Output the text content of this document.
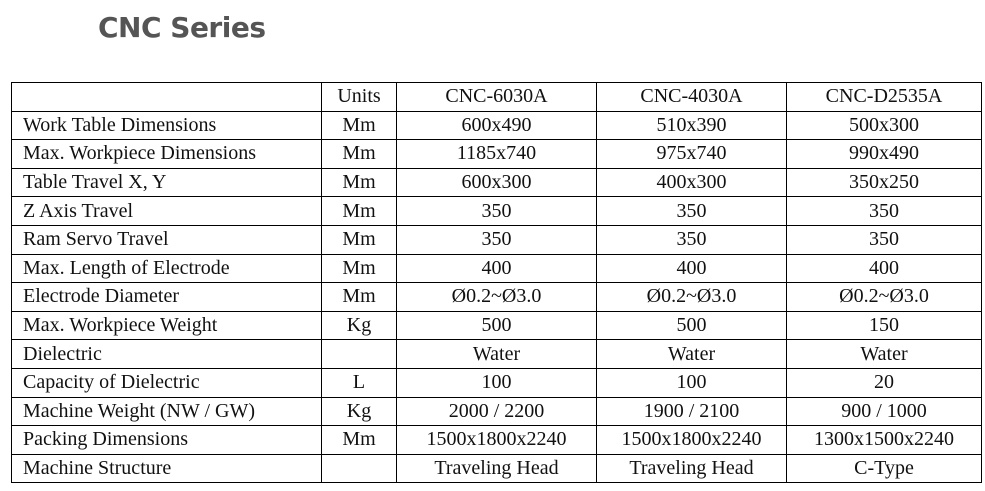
CNC Series
	Units	CNC-6030A	CNC-4030A	CNC-D2535A
Work Table Dimensions	Mm	600x490	510x390	500x300
Max. Workpiece Dimensions	Mm	1185x740	975x740	990x490
Table Travel X, Y	Mm	600x300	400x300	350x250
Z Axis Travel	Mm	350	350	350
Ram Servo Travel	Mm	350	350	350
Max. Length of Electrode	Mm	400	400	400
Electrode Diameter	Mm	Ø0.2~Ø3.0	Ø0.2~Ø3.0	Ø0.2~Ø3.0
Max. Workpiece Weight	Kg	500	500	150
Dielectric		Water	Water	Water
Capacity of Dielectric	L	100	100	20
Machine Weight (NW / GW)	Kg	2000 / 2200	1900 / 2100	900 / 1000
Packing Dimensions	Mm	1500x1800x2240	1500x1800x2240	1300x1500x2240
Machine Structure		Traveling Head	Traveling Head	C-Type
